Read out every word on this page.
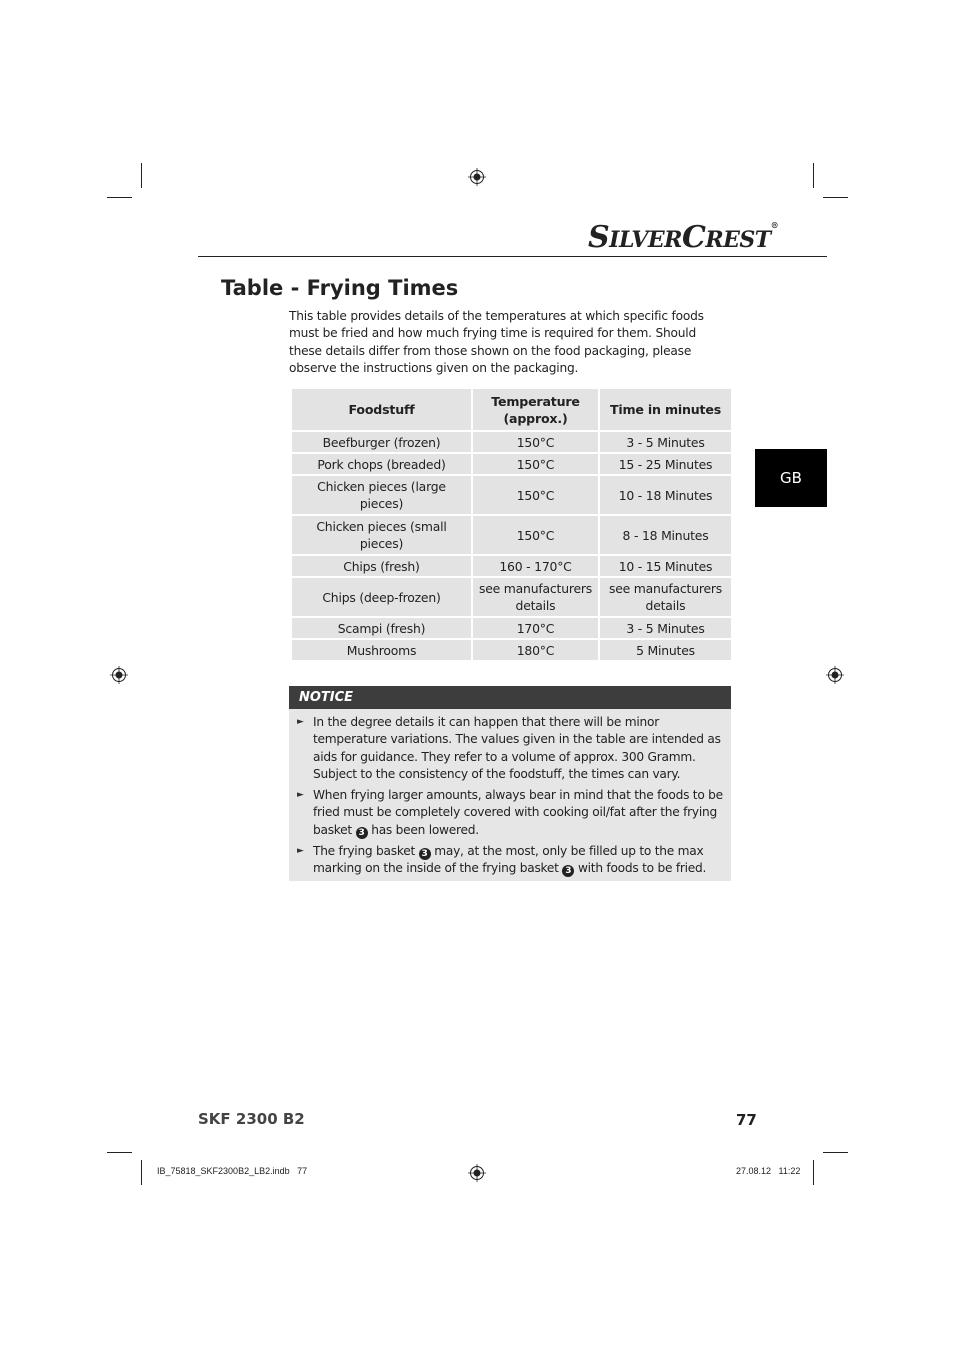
SILVERCREST®
Table - Frying Times
This table provides details of the temperatures at which specific foods must be fried and how much frying time is required for them. Should these details differ from those shown on the food packaging, please observe the instructions given on the packaging.
Foodstuff	Temperature (approx.)	Time in minutes
Beefburger (frozen)	150°C	3 - 5 Minutes
Pork chops (breaded)	150°C	15 - 25 Minutes
Chicken pieces (large pieces)	150°C	10 - 18 Minutes
Chicken pieces (small pieces)	150°C	8 - 18 Minutes
Chips (fresh)	160 - 170°C	10 - 15 Minutes
Chips (deep-frozen)	see manufacturers details	see manufacturers details
Scampi (fresh)	170°C	3 - 5 Minutes
Mushrooms	180°C	5 Minutes
GB
NOTICE
► In the degree details it can happen that there will be minor temperature variations. The values given in the table are intended as aids for guidance. They refer to a volume of approx. 300 Gramm. Subject to the consistency of the foodstuff, the times can vary.
► When frying larger amounts, always bear in mind that the foods to be fried must be completely covered with cooking oil/fat after the frying basket 3 has been lowered.
► The frying basket 3 may, at the most, only be filled up to the max marking on the inside of the frying basket 3 with foods to be fried.
SKF 2300 B2	77
IB_75818_SKF2300B2_LB2.indb   77	27.08.12   11:22
